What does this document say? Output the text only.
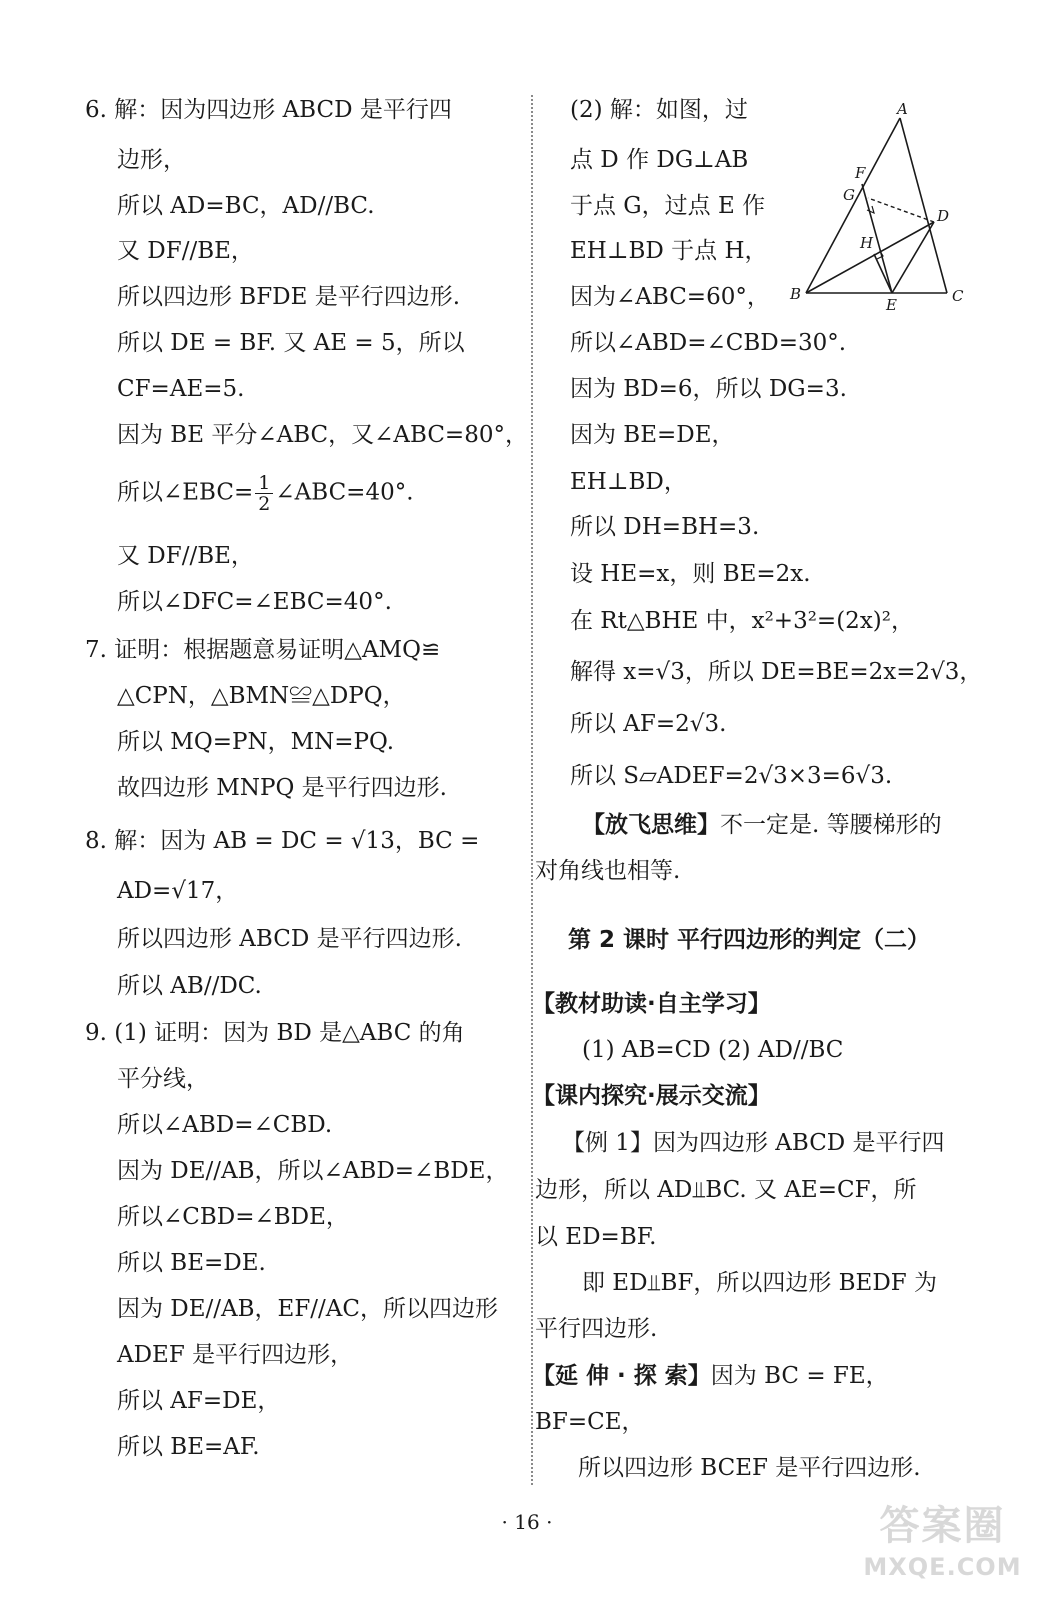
6. 解：因为四边形 ABCD 是平行四
边形，
所以 AD=BC，AD//BC.
又 DF//BE，
所以四边形 BFDE 是平行四边形.
所以 DE = BF. 又 AE = 5，所以
CF=AE=5.
因为 BE 平分∠ABC，又∠ABC=80°，
所以∠EBC= $\frac{1}{2}$ ∠ABC=40°.
又 DF//BE，
所以∠DFC=∠EBC=40°.
7. 证明：根据题意易证明△AMQ≌
△CPN，△BMN≌△DPQ，
所以 MQ=PN，MN=PQ.
故四边形 MNPQ 是平行四边形.
8. 解：因为 AB = DC = √13，BC =
AD=√17，
所以四边形 ABCD 是平行四边形.
所以 AB//DC.
9. (1) 证明：因为 BD 是△ABC 的角
平分线，
所以∠ABD=∠CBD.
因为 DE//AB，所以∠ABD=∠BDE，
所以∠CBD=∠BDE，
所以 BE=DE.
因为 DE//AB，EF//AC，所以四边形
ADEF 是平行四边形，
所以 AF=DE，
所以 BE=AF.
(2) 解：如图，过
点 D 作 DG⊥AB
于点 G，过点 E 作
EH⊥BD 于点 H，
因为∠ABC=60°，
所以∠ABD=∠CBD=30°.
因为 BD=6，所以 DG=3.
因为 BE=DE，
EH⊥BD，
所以 DH=BH=3.
设 HE=x，则 BE=2x.
在 Rt△BHE 中，x²+3²=(2x)²，
解得 x=√3，所以 DE=BE=2x=2√3，
所以 AF=2√3.
所以 S▱ADEF=2√3×3=6√3.
【放飞思维】不一定是. 等腰梯形的
对角线也相等.
第 2 课时 平行四边形的判定（二）
【教材助读·自主学习】
(1) AB=CD (2) AD//BC
【课内探究·展示交流】
【例 1】因为四边形 ABCD 是平行四
边形，所以 AD⫫BC. 又 AE=CF，所
以 ED=BF.
即 ED⫫BF，所以四边形 BEDF 为
平行四边形.
【延 伸 · 探 索】因为 BC = FE，
BF=CE，
所以四边形 BCEF 是平行四边形.
A
B	C
D
E
F
G
H
· 16 ·	答案圈
MXQE.COM
